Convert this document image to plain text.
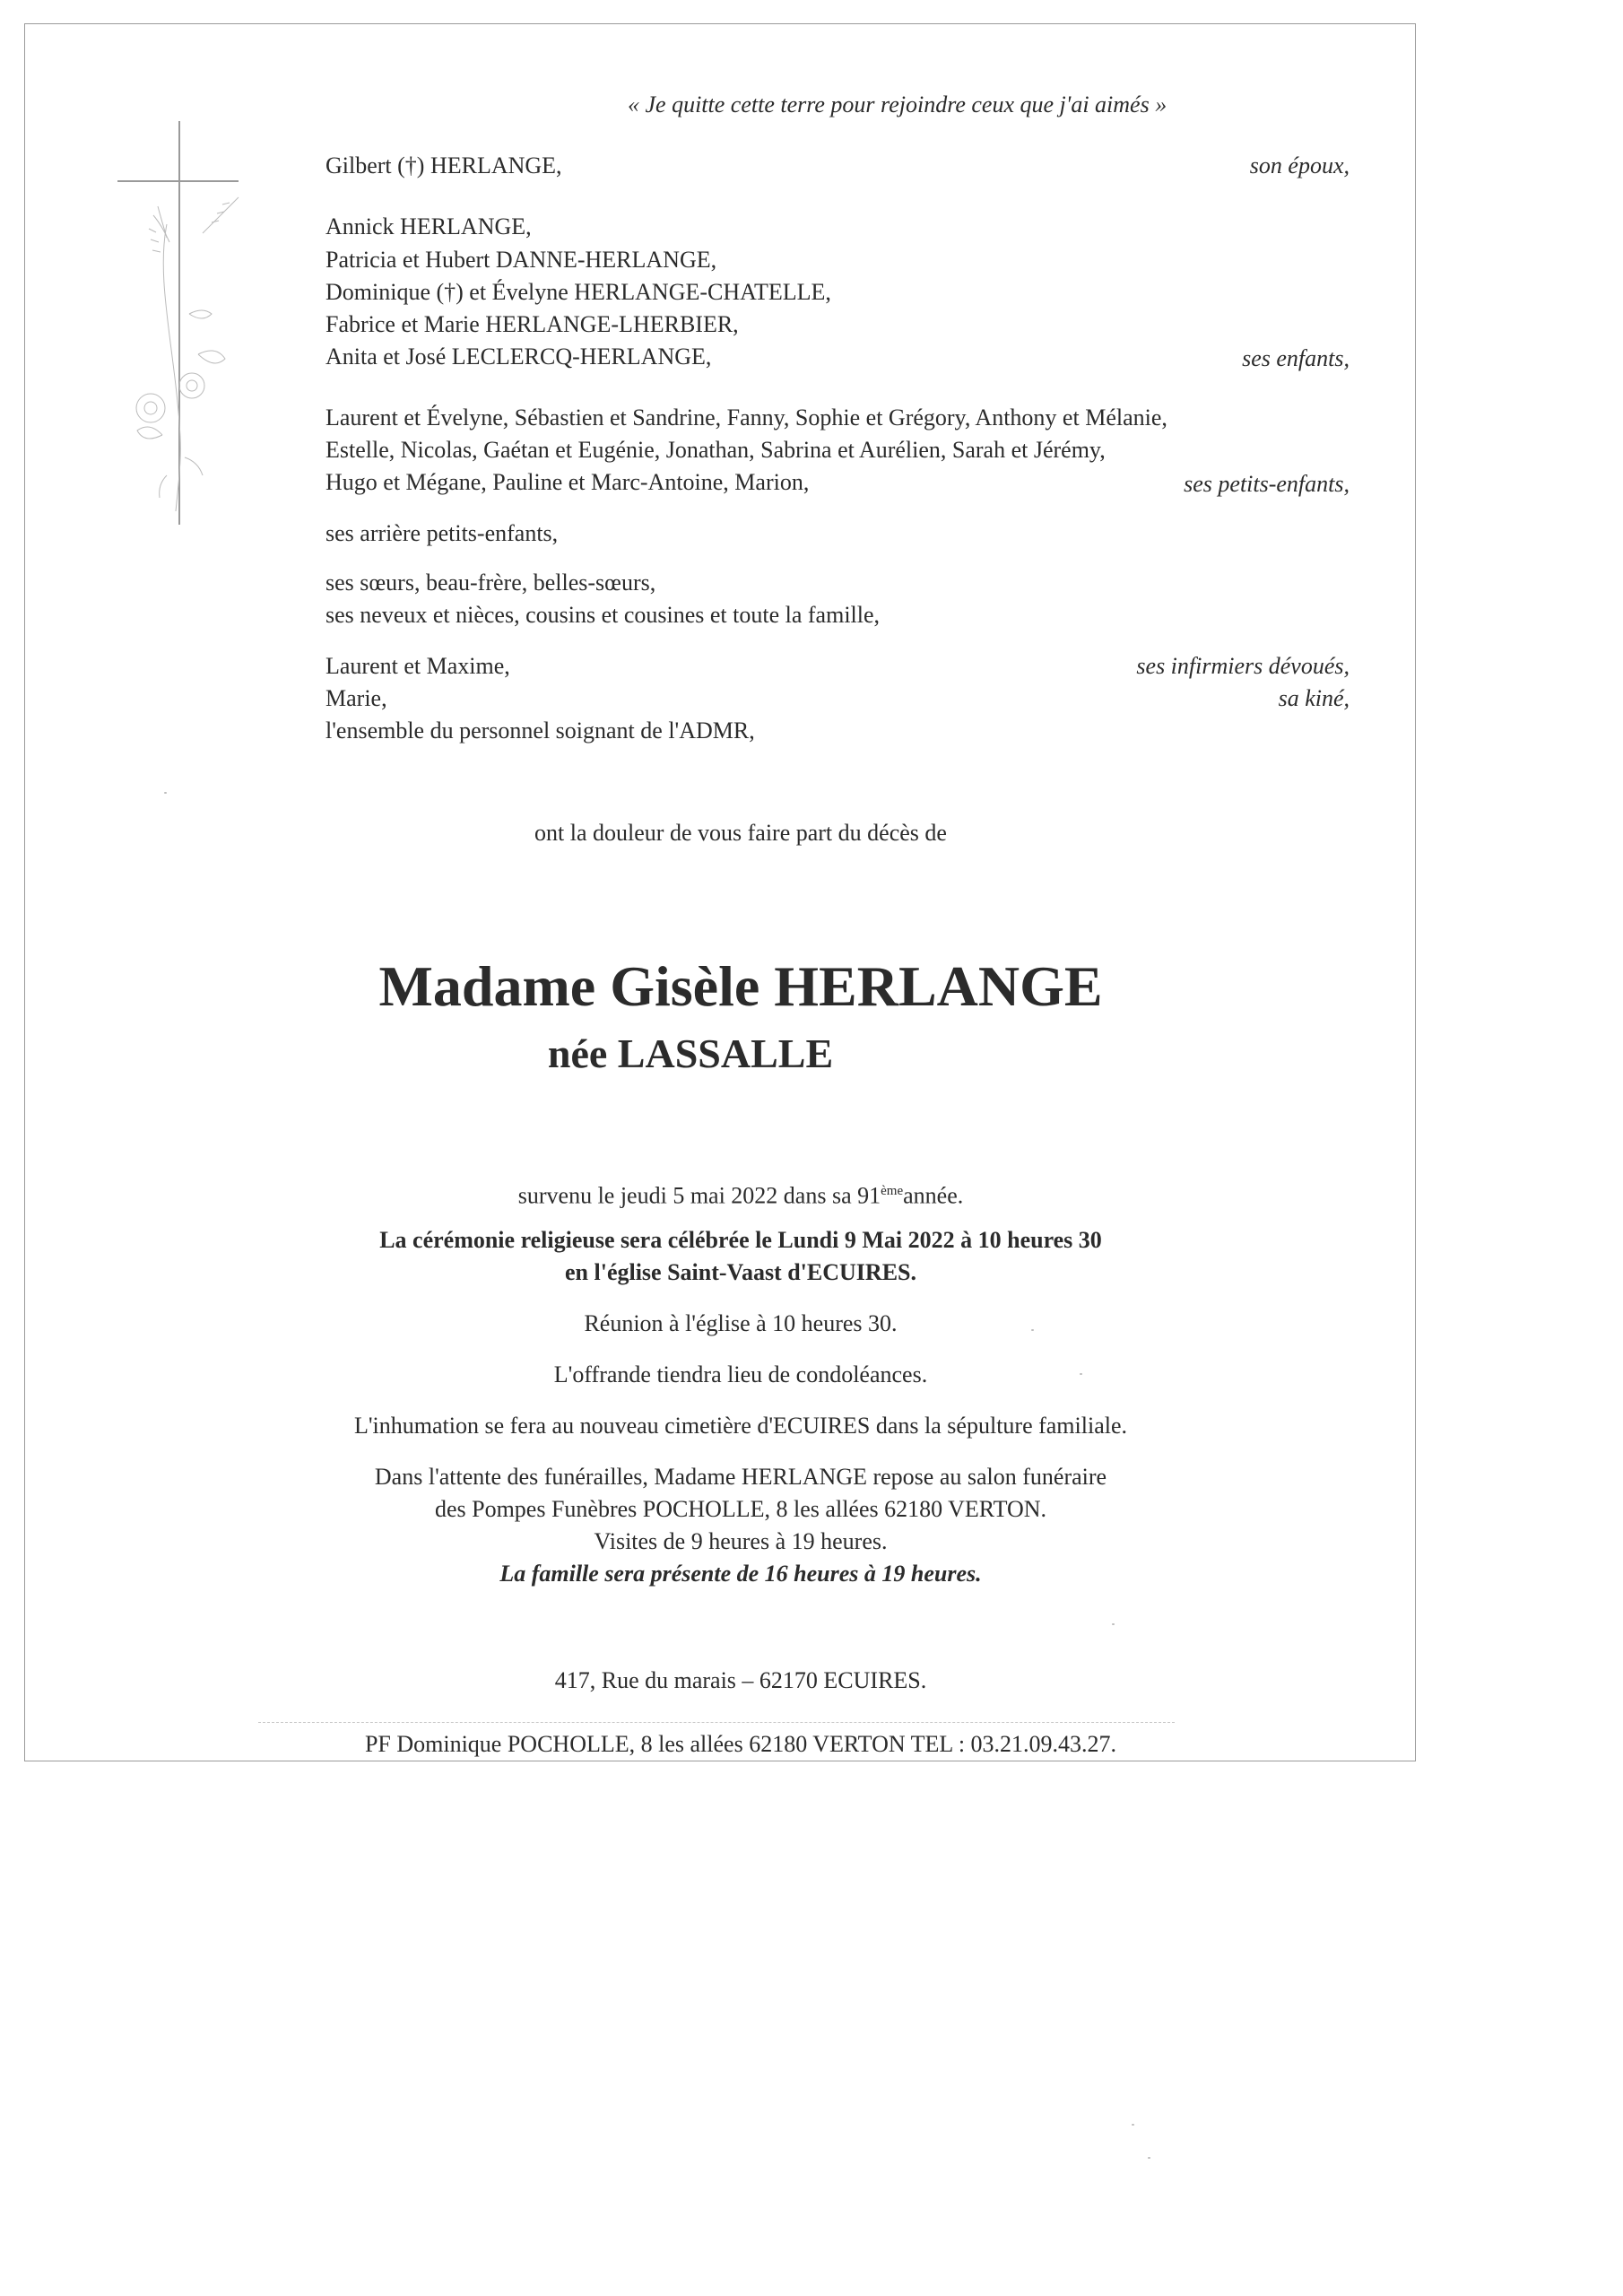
« Je quitte cette terre pour rejoindre ceux que j'ai aimés »

Gilbert (†) HERLANGE,	son époux,

Annick HERLANGE,

Patricia et Hubert DANNE-HERLANGE,

Dominique (†) et Évelyne HERLANGE-CHATELLE,

Fabrice et Marie HERLANGE-LHERBIER,

Anita et José LECLERCQ-HERLANGE,	ses enfants,

Laurent et Évelyne, Sébastien et Sandrine, Fanny, Sophie et Grégory, Anthony et Mélanie,

Estelle, Nicolas, Gaétan et Eugénie, Jonathan, Sabrina et Aurélien, Sarah et Jérémy,

Hugo et Mégane, Pauline et Marc-Antoine, Marion,	ses petits-enfants,

ses arrière petits-enfants,

ses sœurs, beau-frère, belles-sœurs,

ses neveux et nièces, cousins et cousines et toute la famille,

Laurent et Maxime,	ses infirmiers dévoués,

Marie,	sa kiné,

l'ensemble du personnel soignant de l'ADMR,

ont la douleur de vous faire part du décès de

Madame Gisèle HERLANGE

née LASSALLE

survenu le jeudi 5 mai 2022 dans sa 91èmeannée.

La cérémonie religieuse sera célébrée le Lundi 9 Mai 2022 à 10 heures 30

en l'église Saint-Vaast d'ECUIRES.

Réunion à l'église à 10 heures 30.

L'offrande tiendra lieu de condoléances.

L'inhumation se fera au nouveau cimetière d'ECUIRES dans la sépulture familiale.

Dans l'attente des funérailles, Madame HERLANGE repose au salon funéraire

des Pompes Funèbres POCHOLLE, 8 les allées 62180 VERTON.

Visites de 9 heures à 19 heures.

La famille sera présente de 16 heures à 19 heures.

417, Rue du marais – 62170 ECUIRES.

PF Dominique POCHOLLE, 8 les allées 62180 VERTON TEL : 03.21.09.43.27.
